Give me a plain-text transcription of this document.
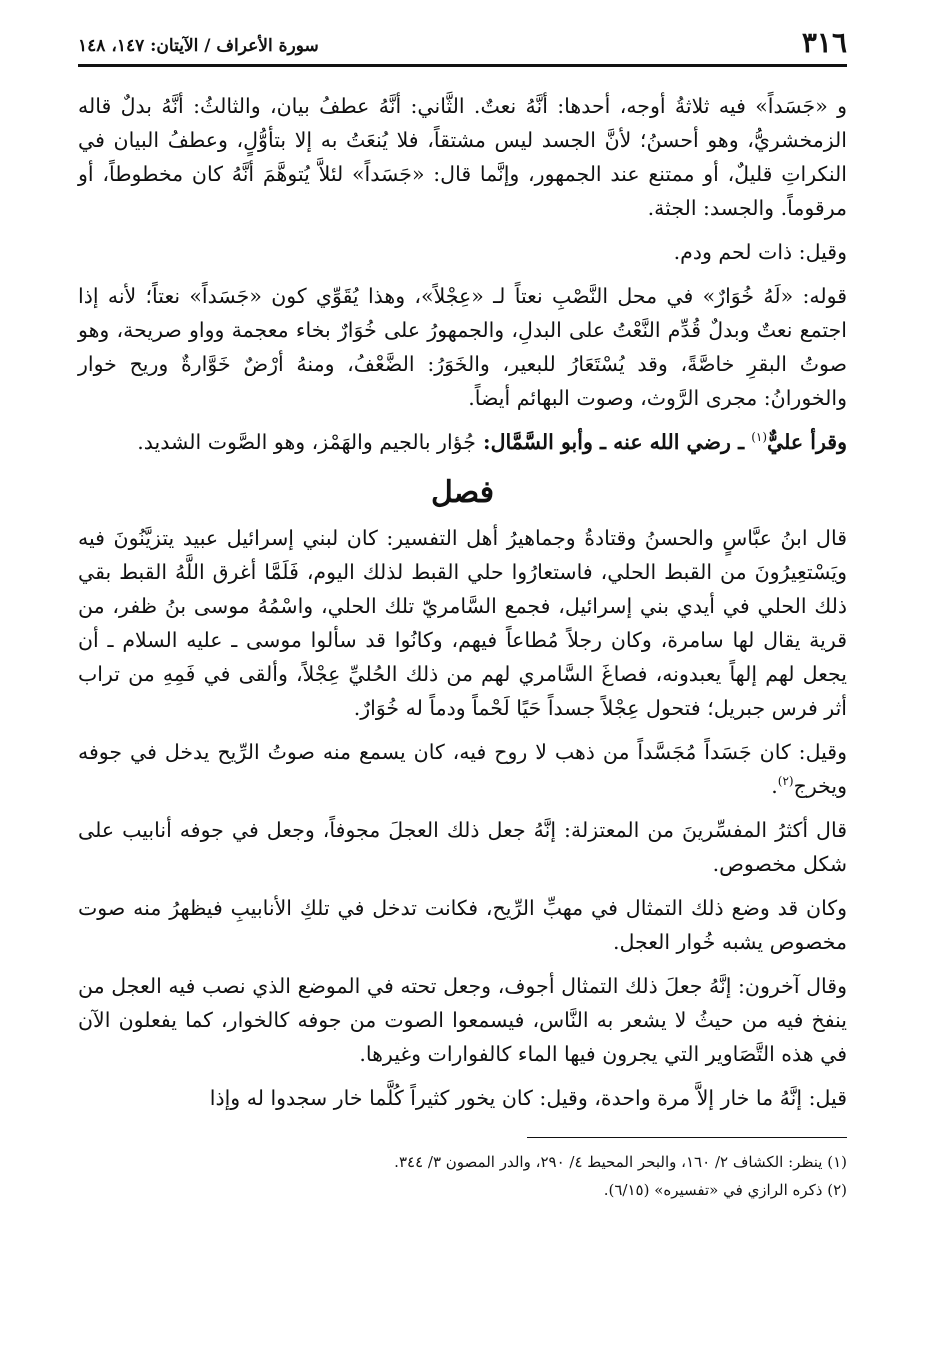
٣١٦
سورة الأعراف / الآيتان: ١٤٧، ١٤٨

و «جَسَداً» فيه ثلاثةُ أوجه، أحدها: أنَّهُ نعتٌ. الثَّاني: أنَّهُ عطفُ بيان، والثالثُ: أنَّهُ بدلٌ قاله الزمخشريُّ، وهو أحسنُ؛ لأنَّ الجسد ليس مشتقاً، فلا يُنعَتُ به إلا بتأوُّلٍ، وعطفُ البيان في النكراتِ قليلٌ، أو ممتنع عند الجمهور، وإنَّما قال: «جَسَداً» لئلاَّ يُتوهَّمَ أنَّهُ كان مخطوطاً، أو مرقوماً. والجسد: الجثة.

وقيل: ذات لحم ودم.

قوله: «لَهُ خُوَارٌ» في محل النَّصْبِ نعتاً لـ «عِجْلاً»، وهذا يُقَوِّي كون «جَسَداً» نعتاً؛ لأنه إذا اجتمع نعتٌ وبدلٌ قُدِّم النَّعْتُ على البدلِ، والجمهورُ على خُوَارٌ بخاء معجمة وواو صريحة، وهو صوتُ البقرِ خاصَّةً، وقد يُسْتَعَارُ للبعير، والخَوَرُ: الضَّعْفُ، ومنهُ أرْضٌ خَوَّارةٌ وريح خوار والخورانُ: مجرى الرَّوث، وصوت البهائم أيضاً.

وقرأ عليٌّ$^{(١)}$ ـ رضي الله عنه ـ وأبو السَّمَّال: جُؤار بالجيم والهَمْز، وهو الصَّوت الشديد.

فصل

قال ابنُ عبَّاسٍ والحسنُ وقتادةُ وجماهيرُ أهل التفسير: كان لبني إسرائيل عبيد يتزيَّنُونَ فيه ويَسْتعِيرُونَ من القبط الحلي، فاستعارُوا حلي القبط لذلك اليوم، فَلَمَّا أغرق اللَّهُ القبط بقي ذلك الحلي في أيدي بني إسرائيل، فجمع السَّامريّ تلك الحلي، واسْمُهُ موسى بنُ ظفر، من قرية يقال لها سامرة، وكان رجلاً مُطاعاً فيهم، وكانُوا قد سألوا موسى ـ عليه السلام ـ أن يجعل لهم إلهاً يعبدونه، فصاغَ السَّامري لهم من ذلك الحُليِّ عِجْلاً، وألقى في فَمِهِ من تراب أثر فرس جبريل؛ فتحول عِجْلاً جسداً حَيًا لَحْماً ودماً له خُوَارٌ.

وقيل: كان جَسَداً مُجَسَّداً من ذهب لا روح فيه، كان يسمع منه صوتُ الرِّيح يدخل في جوفه ويخرج$^{(٢)}$.

قال أكثرُ المفسِّرينَ من المعتزلة: إنَّهُ جعل ذلك العجلَ مجوفاً، وجعل في جوفه أنابيب على شكل مخصوص.

وكان قد وضع ذلك التمثال في مهبِّ الرِّيح، فكانت تدخل في تلكِ الأنابيبِ فيظهرُ منه صوت مخصوص يشبه خُوار العجل.

وقال آخرون: إنَّهُ جعلَ ذلك التمثال أجوف، وجعل تحته في الموضع الذي نصب فيه العجل من ينفخ فيه من حيثُ لا يشعر به النَّاس، فيسمعوا الصوت من جوفه كالخوار، كما يفعلون الآن في هذه التَّصَاوير التي يجرون فيها الماء كالفوارات وغيرها.

قيل: إنَّهُ ما خار إلاَّ مرة واحدة، وقيل: كان يخور كثيراً كُلَّما خار سجدوا له وإذا

(١) ينظر: الكشاف ٢/ ١٦٠، والبحر المحيط ٤/ ٢٩٠، والدر المصون ٣/ ٣٤٤.

(٢) ذكره الرازي في «تفسيره» (٦/١٥).
